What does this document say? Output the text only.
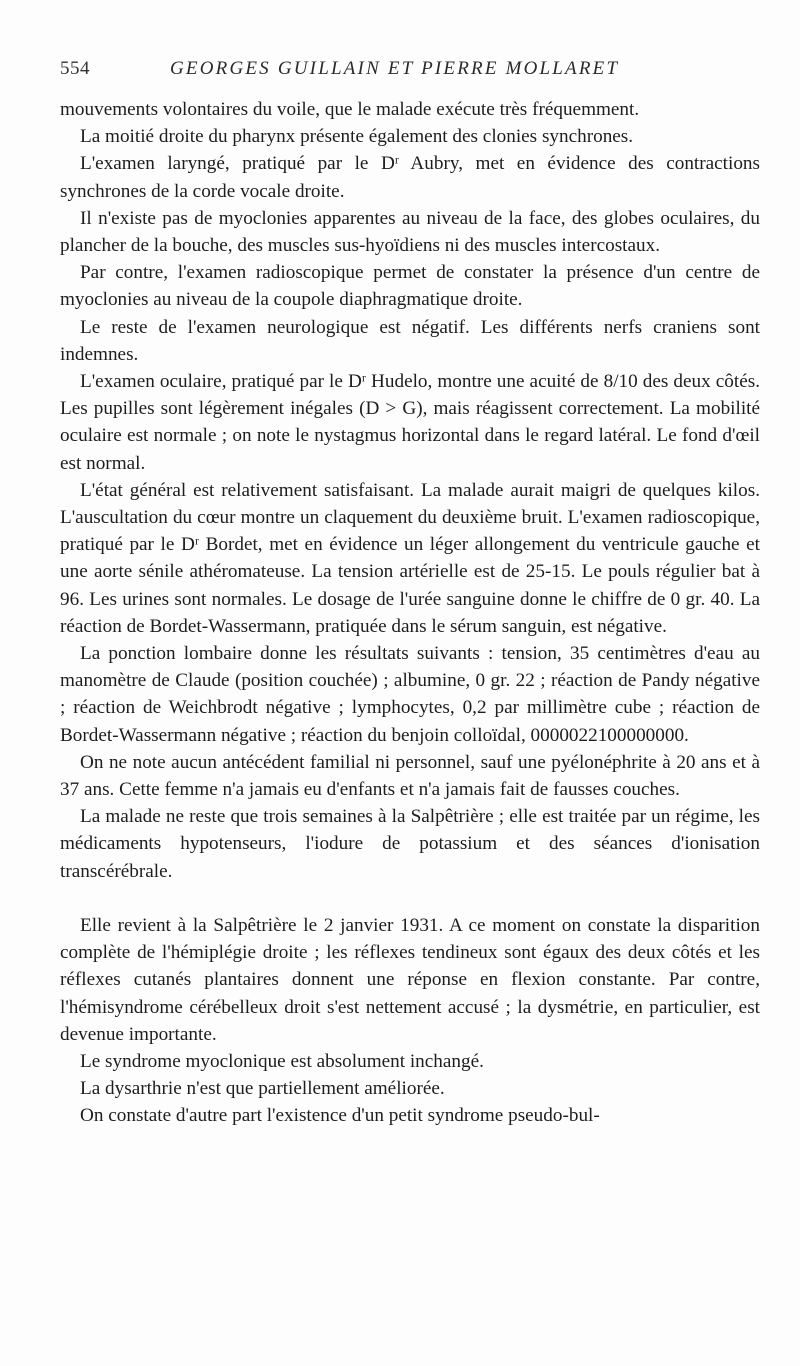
554	GEORGES GUILLAIN ET PIERRE MOLLARET

mouvements volontaires du voile, que le malade exécute très fréquemment.

La moitié droite du pharynx présente également des clonies synchrones.

L'examen laryngé, pratiqué par le Dʳ Aubry, met en évidence des contractions synchrones de la corde vocale droite.

Il n'existe pas de myoclonies apparentes au niveau de la face, des globes oculaires, du plancher de la bouche, des muscles sus-hyoïdiens ni des muscles intercostaux.

Par contre, l'examen radioscopique permet de constater la présence d'un centre de myoclonies au niveau de la coupole diaphragmatique droite.

Le reste de l'examen neurologique est négatif. Les différents nerfs craniens sont indemnes.

L'examen oculaire, pratiqué par le Dʳ Hudelo, montre une acuité de 8/10 des deux côtés. Les pupilles sont légèrement inégales (D > G), mais réagissent correctement. La mobilité oculaire est normale ; on note le nystagmus horizontal dans le regard latéral. Le fond d'œil est normal.

L'état général est relativement satisfaisant. La malade aurait maigri de quelques kilos. L'auscultation du cœur montre un claquement du deuxième bruit. L'examen radioscopique, pratiqué par le Dʳ Bordet, met en évidence un léger allongement du ventricule gauche et une aorte sénile athéromateuse. La tension artérielle est de 25-15. Le pouls régulier bat à 96. Les urines sont normales. Le dosage de l'urée sanguine donne le chiffre de 0 gr. 40. La réaction de Bordet-Wassermann, pratiquée dans le sérum sanguin, est négative.

La ponction lombaire donne les résultats suivants : tension, 35 centimètres d'eau au manomètre de Claude (position couchée) ; albumine, 0 gr. 22 ; réaction de Pandy négative ; réaction de Weichbrodt négative ; lymphocytes, 0,2 par millimètre cube ; réaction de Bordet-Wassermann négative ; réaction du benjoin colloïdal, 0000022100000000.

On ne note aucun antécédent familial ni personnel, sauf une pyélonéphrite à 20 ans et à 37 ans. Cette femme n'a jamais eu d'enfants et n'a jamais fait de fausses couches.

La malade ne reste que trois semaines à la Salpêtrière ; elle est traitée par un régime, les médicaments hypotenseurs, l'iodure de potassium et des séances d'ionisation transcérébrale.

Elle revient à la Salpêtrière le 2 janvier 1931. A ce moment on constate la disparition complète de l'hémiplégie droite ; les réflexes tendineux sont égaux des deux côtés et les réflexes cutanés plantaires donnent une réponse en flexion constante. Par contre, l'hémisyndrome cérébelleux droit s'est nettement accusé ; la dysmétrie, en particulier, est devenue importante.

Le syndrome myoclonique est absolument inchangé.

La dysarthrie n'est que partiellement améliorée.

On constate d'autre part l'existence d'un petit syndrome pseudo-bul-
